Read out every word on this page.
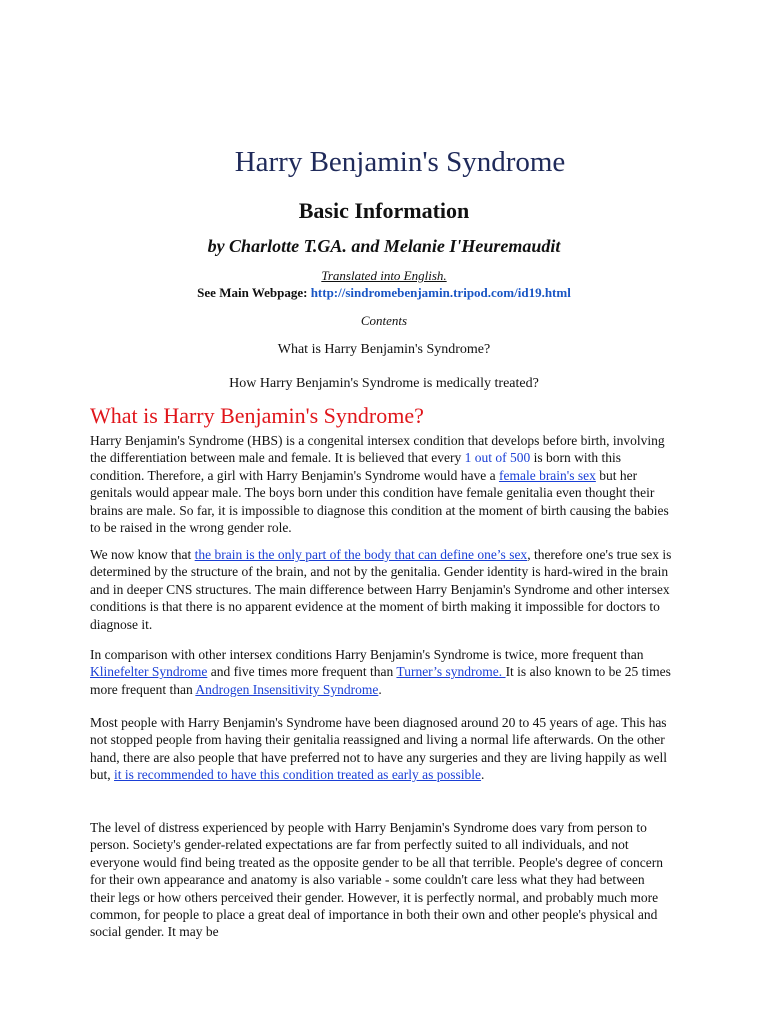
Harry Benjamin's Syndrome
Basic Information
by Charlotte T.GA. and Melanie I'Heuremaudit
Translated into English.
See Main Webpage: http://sindromebenjamin.tripod.com/id19.html
Contents
What is Harry Benjamin's Syndrome?
How Harry Benjamin's Syndrome is medically treated?
What is Harry Benjamin's Syndrome?

Harry Benjamin's Syndrome (HBS) is a congenital intersex condition that develops before birth, involving the differentiation between male and female. It is believed that every 1 out of 500 is born with this condition. Therefore, a girl with Harry Benjamin's Syndrome would have a female brain's sex but her genitals would appear male. The boys born under this condition have female genitalia even thought their brains are male. So far, it is impossible to diagnose this condition at the moment of birth causing the babies to be raised in the wrong gender role.

We now know that the brain is the only part of the body that can define one’s sex, therefore one's true sex is determined by the structure of the brain, and not by the genitalia. Gender identity is hard-wired in the brain and in deeper CNS structures. The main difference between Harry Benjamin's Syndrome and other intersex conditions is that there is no apparent evidence at the moment of birth making it impossible for doctors to diagnose it.

In comparison with other intersex conditions Harry Benjamin's Syndrome is twice, more frequent than Klinefelter Syndrome and five times more frequent than Turner’s syndrome. It is also known to be 25 times more frequent than Androgen Insensitivity Syndrome.

Most people with Harry Benjamin's Syndrome have been diagnosed around 20 to 45 years of age. This has not stopped people from having their genitalia reassigned and living a normal life afterwards. On the other hand, there are also people that have preferred not to have any surgeries and they are living happily as well but, it is recommended to have this condition treated as early as possible.

The level of distress experienced by people with Harry Benjamin's Syndrome does vary from person to person. Society's gender-related expectations are far from perfectly suited to all individuals, and not everyone would find being treated as the opposite gender to be all that terrible. People's degree of concern for their own appearance and anatomy is also variable - some couldn't care less what they had between their legs or how others perceived their gender. However, it is perfectly normal, and probably much more common, for people to place a great deal of importance in both their own and other people's physical and social gender. It may be
